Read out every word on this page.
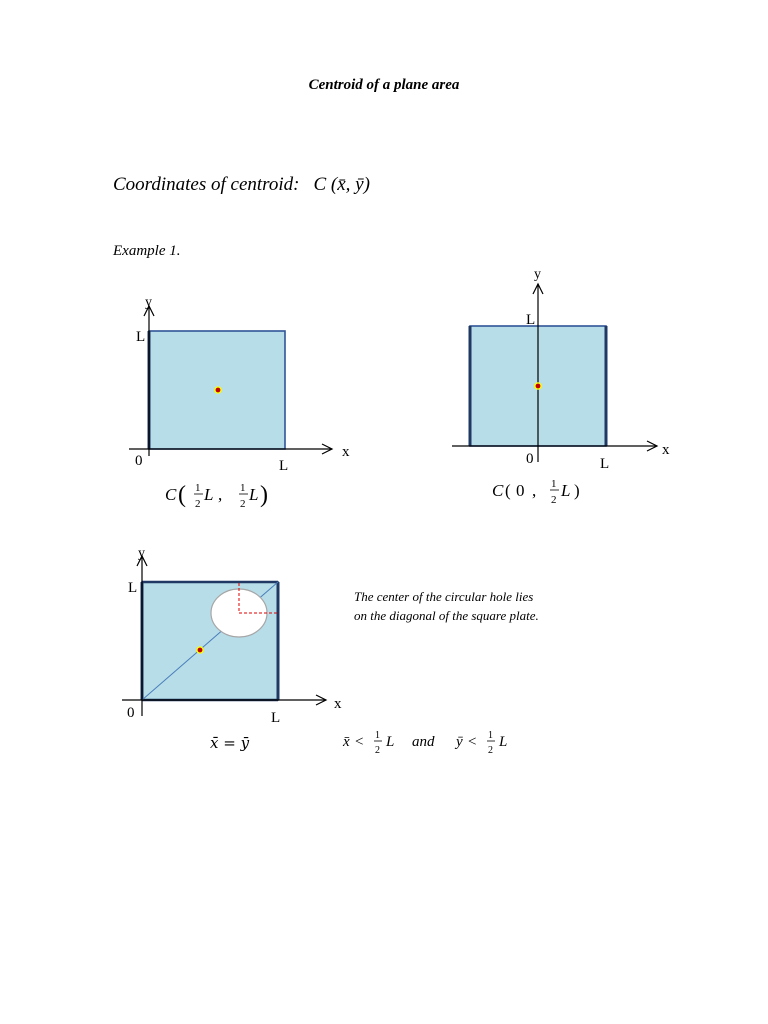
Centroid of a plane area
Coordinates of centroid: C (x̄, ȳ)
Example 1.
The center of the circular hole lies
on the diagonal of the square plate.
y
x
L
0	L
C ( 1
2 L , 1
2 L )
y
x
L
0	L
C ( 0 , 1
2 L )
y
x
L
0	L
x̄ = ȳ	x̄ < 1
2
L and ȳ < 1
2
L
